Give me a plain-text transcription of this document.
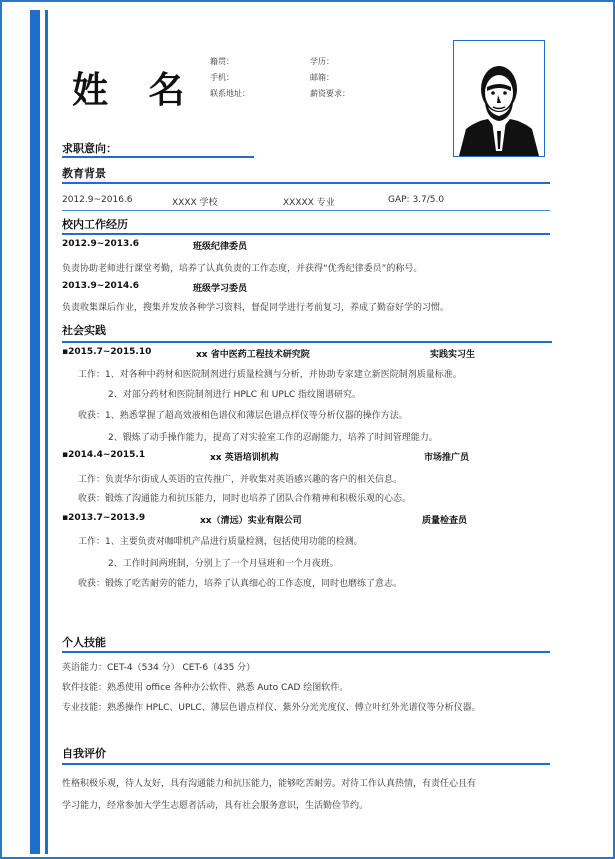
姓 名
籍贯：
手机：
联系地址：
学历：
邮箱：
薪资要求：
求职意向：
教育背景
2012.9~2016.6	XXXX 学校	XXXXX 专业	GAP: 3.7/5.0
校内工作经历
2012.9~2013.6	班级纪律委员
负责协助老师进行课堂考勤，培养了认真负责的工作态度，并获得“优秀纪律委员”的称号。
2013.9~2014.6	班级学习委员
负责收集课后作业，搜集并发放各种学习资料，督促同学进行考前复习，养成了勤奋好学的习惯。
社会实践
▪2015.7~2015.10	xx 省中医药工程技术研究院	实践实习生
工作：1、对各种中药材和医院制剂进行质量检测与分析，并协助专家建立新医院制剂质量标准。
2、对部分药材和医院制剂进行 HPLC 和 UPLC 指纹图谱研究。
收获：1、熟悉掌握了超高效液相色谱仪和薄层色谱点样仪等分析仪器的操作方法。
2、锻炼了动手操作能力，提高了对实验室工作的忍耐能力，培养了时间管理能力。
▪2014.4~2015.1	xx 英语培训机构	市场推广员
工作：负责华尔街成人英语的宣传推广，并收集对英语感兴趣的客户的相关信息。
收获：锻炼了沟通能力和抗压能力，同时也培养了团队合作精神和积极乐观的心态。
▪2013.7~2013.9	xx（清远）实业有限公司	质量检查员
工作：1、主要负责对咖啡机产品进行质量检测，包括使用功能的检测。
2、工作时间两班制，分别上了一个月昼班和一个月夜班。
收获：锻炼了吃苦耐劳的能力，培养了认真细心的工作态度，同时也磨练了意志。
个人技能
英语能力：CET-4（534 分） CET-6（435 分）
软件技能：熟悉使用 office 各种办公软件、熟悉 Auto CAD 绘图软件。
专业技能：熟悉操作 HPLC、UPLC、薄层色谱点样仪、紫外分光光度仪、傅立叶红外光谱仪等分析仪器。
自我评价
性格积极乐观，待人友好，具有沟通能力和抗压能力，能够吃苦耐劳。对待工作认真热情，有责任心且有
学习能力，经常参加大学生志愿者活动，具有社会服务意识，生活勤俭节约。
